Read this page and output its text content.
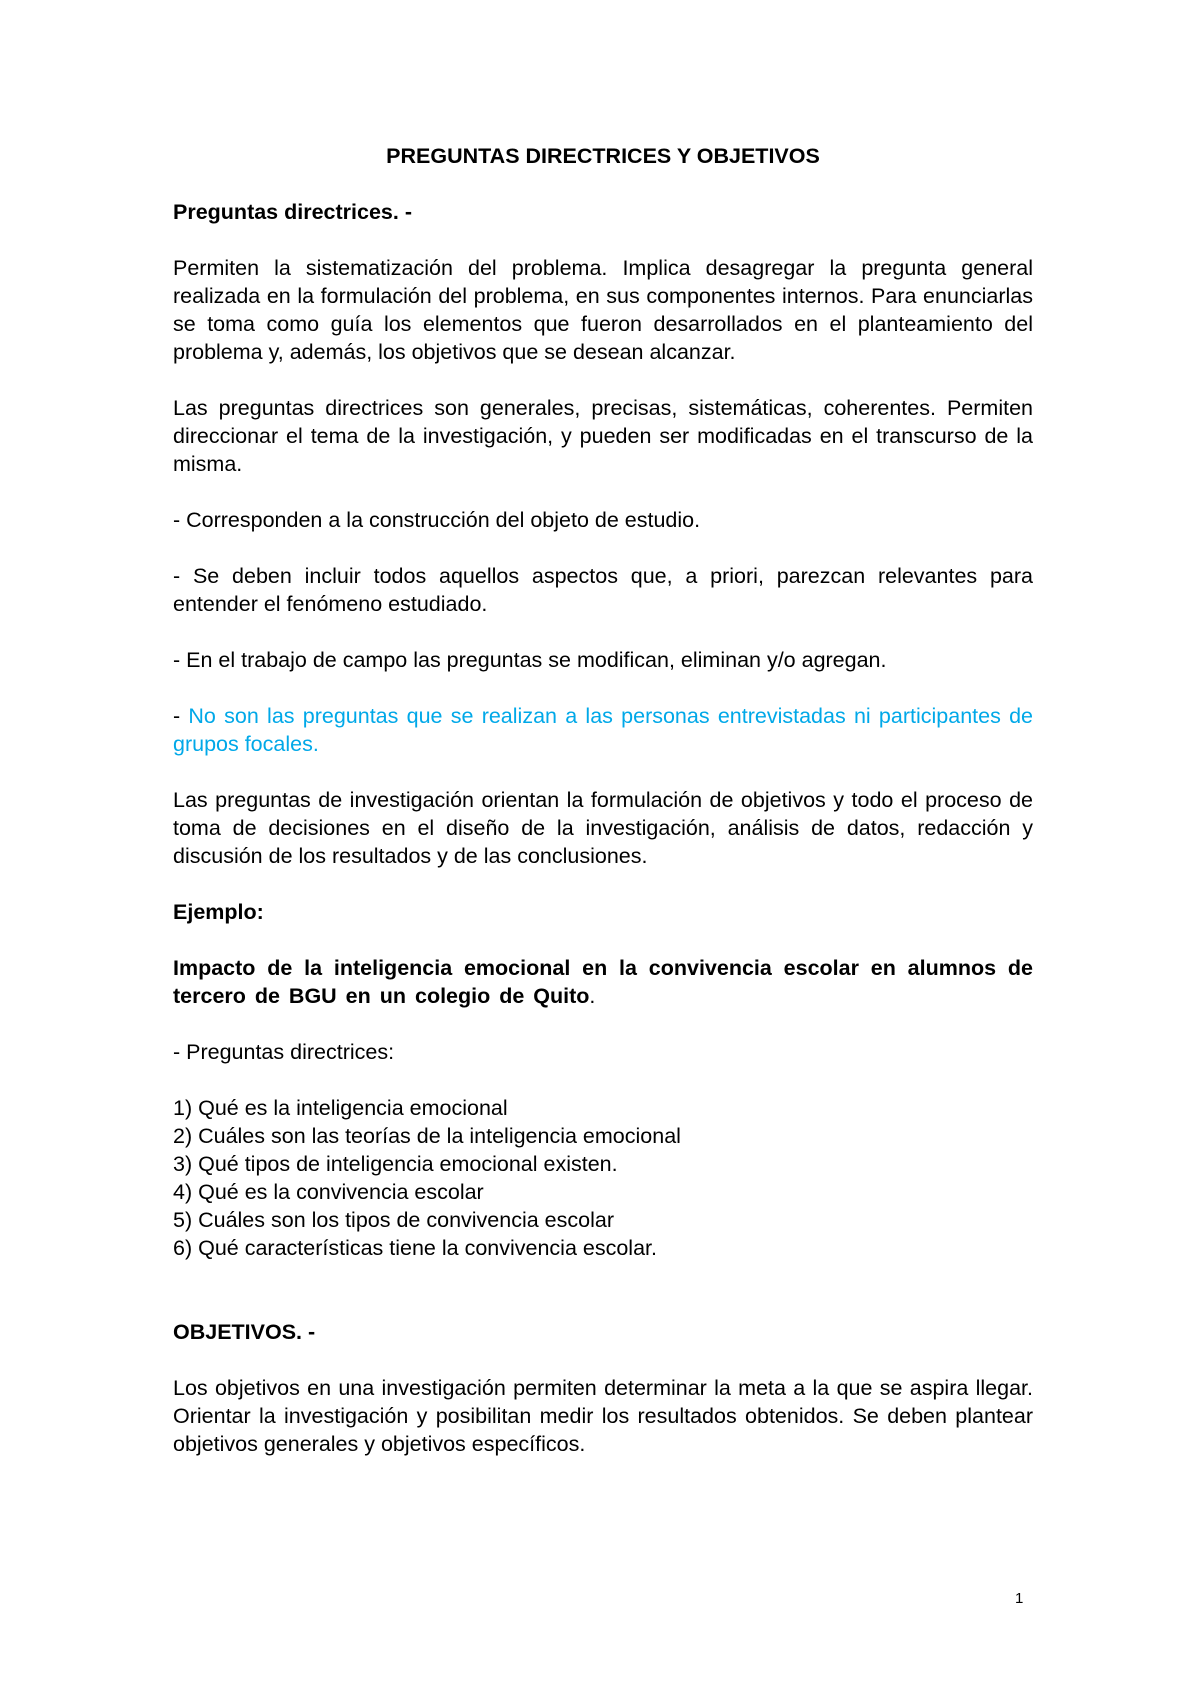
PREGUNTAS DIRECTRICES Y OBJETIVOS
Preguntas directrices. -

Permiten la sistematización del problema. Implica desagregar la pregunta general realizada en la formulación del problema, en sus componentes internos. Para enunciarlas se toma como guía los elementos que fueron desarrollados en el planteamiento del problema y, además, los objetivos que se desean alcanzar.

Las preguntas directrices son generales, precisas, sistemáticas, coherentes. Permiten direccionar el tema de la investigación, y pueden ser modificadas en el transcurso de la misma.

- Corresponden a la construcción del objeto de estudio.

- Se deben incluir todos aquellos aspectos que, a priori, parezcan relevantes para entender el fenómeno estudiado.

- En el trabajo de campo las preguntas se modifican, eliminan y/o agregan.

- No son las preguntas que se realizan a las personas entrevistadas ni participantes de grupos focales.

Las preguntas de investigación orientan la formulación de objetivos y todo el proceso de toma de decisiones en el diseño de la investigación, análisis de datos, redacción y discusión de los resultados y de las conclusiones.

Ejemplo:
Impacto de la inteligencia emocional en la convivencia escolar en alumnos de tercero de BGU en un colegio de Quito.

- Preguntas directrices:

1) Qué es la inteligencia emocional
2) Cuáles son las teorías de la inteligencia emocional
3) Qué tipos de inteligencia emocional existen.
4) Qué es la convivencia escolar
5) Cuáles son los tipos de convivencia escolar
6) Qué características tiene la convivencia escolar.
OBJETIVOS. -

Los objetivos en una investigación permiten determinar la meta a la que se aspira llegar. Orientar la investigación y posibilitan medir los resultados obtenidos. Se deben plantear objetivos generales y objetivos específicos.

1
